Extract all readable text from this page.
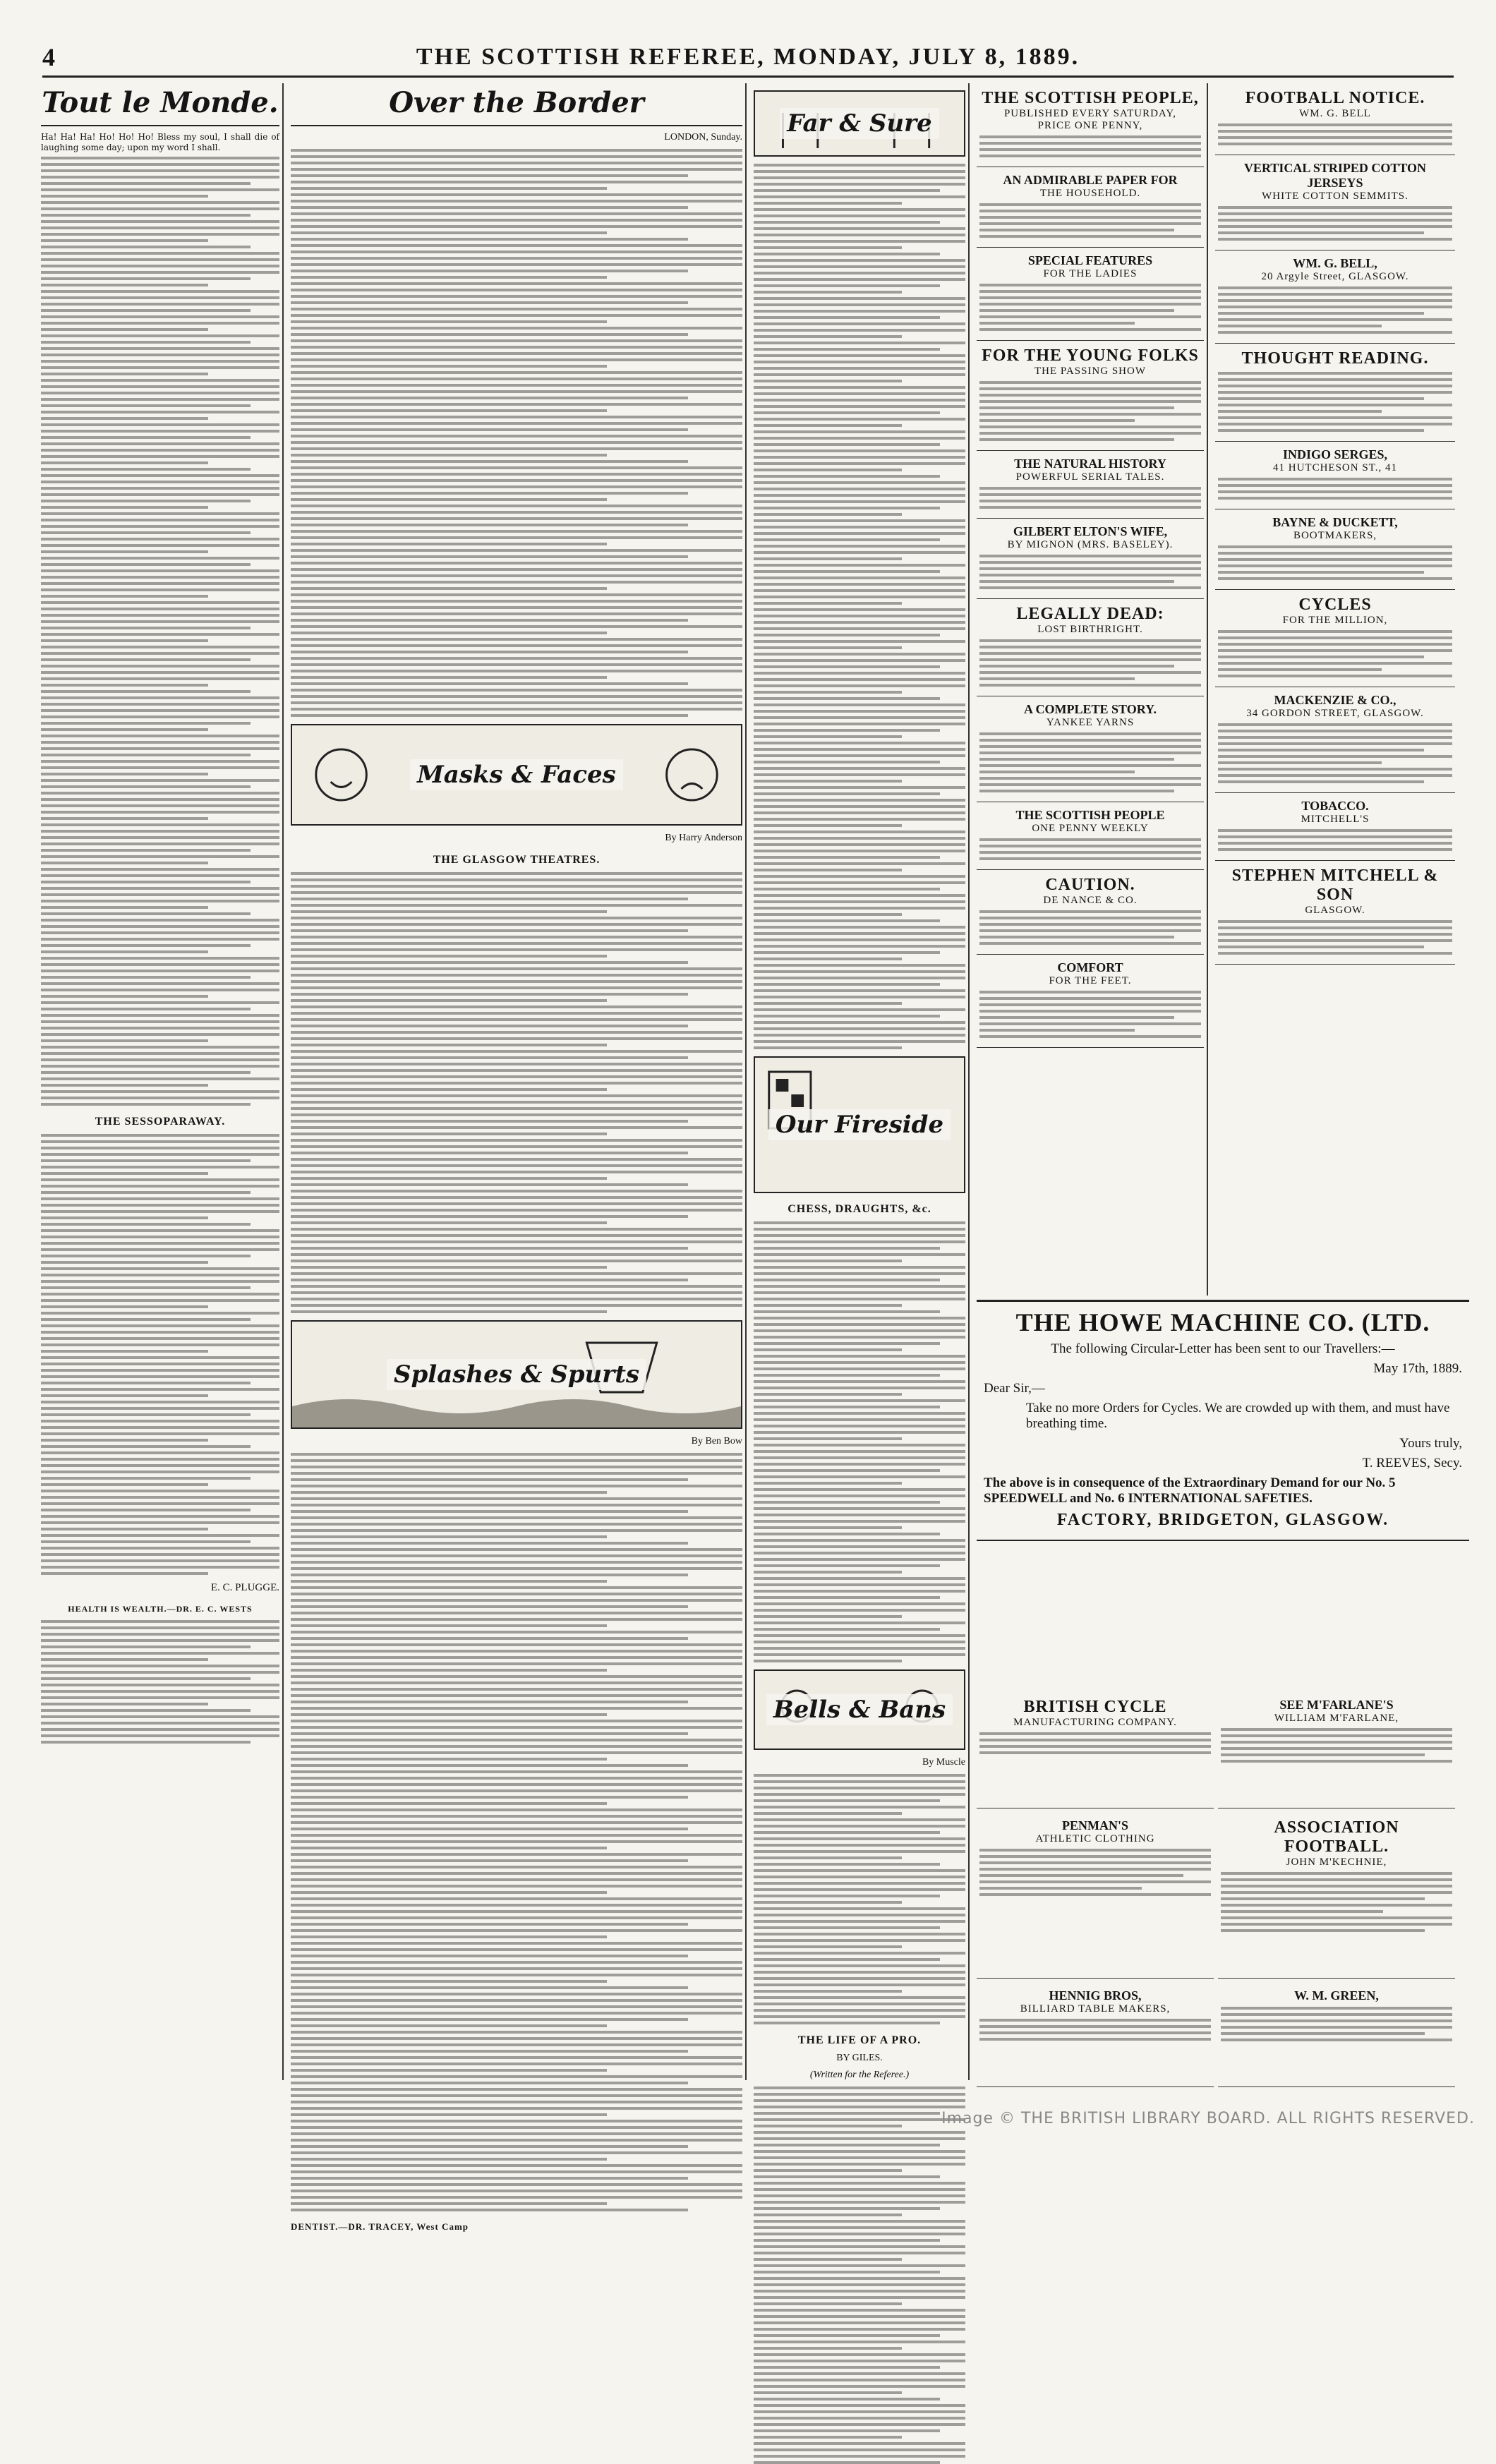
4	THE SCOTTISH REFEREE, MONDAY, JULY 8, 1889.
Tout le Monde.
Ha! Ha! Ha! Ho! Ho! Ho! Bless my soul, I shall die of laughing some day; upon my word I shall.
THE SESSOPARAWAY.
E. C. PLUGGE.
HEALTH IS WEALTH.—DR. E. C. WESTS
Over the Border
LONDON, Sunday.
Masks & Faces
By Harry Anderson
THE GLASGOW THEATRES.
Splashes & Spurts
By Ben Bow
DENTIST.—DR. TRACEY, West Camp
Far & Sure
Our Fireside
CHESS, DRAUGHTS, &c.
Bells & Bans
By Muscle
THE LIFE OF A PRO.
BY GILES.
(Written for the Referee.)
THE SCOTTISH PEOPLE,
PUBLISHED EVERY SATURDAY,
PRICE ONE PENNY,
AN ADMIRABLE PAPER FOR
THE HOUSEHOLD.
SPECIAL FEATURES
FOR THE LADIES
FOR THE YOUNG FOLKS
THE PASSING SHOW
THE NATURAL HISTORY
POWERFUL SERIAL TALES.
GILBERT ELTON'S WIFE,
BY MIGNON (MRS. BASELEY).
LEGALLY DEAD:
LOST BIRTHRIGHT.
A COMPLETE STORY.
YANKEE YARNS
THE SCOTTISH PEOPLE
ONE PENNY WEEKLY
CAUTION.
DE NANCE & CO.
COMFORT
FOR THE FEET.
FOOTBALL NOTICE.
WM. G. BELL
VERTICAL STRIPED COTTON JERSEYS
WHITE COTTON SEMMITS.
WM. G. BELL,
20 Argyle Street, GLASGOW.
THOUGHT READING.
INDIGO SERGES,
41 HUTCHESON ST., 41
BAYNE & DUCKETT,
BOOTMAKERS,
CYCLES
FOR THE MILLION,
MACKENZIE & CO.,
34 GORDON STREET, GLASGOW.
TOBACCO.
MITCHELL'S
STEPHEN MITCHELL & SON
GLASGOW.
THE HOWE MACHINE CO. (LTD.
The following Circular-Letter has been sent to our Travellers:—
May 17th, 1889.
Dear Sir,—
Take no more Orders for Cycles. We are crowded up with them, and must have breathing time.
Yours truly,
T. REEVES, Secy.
The above is in consequence of the Extraordinary Demand for our No. 5 SPEEDWELL and No. 6 INTERNATIONAL SAFETIES.
FACTORY, BRIDGETON, GLASGOW.
BRITISH CYCLE
MANUFACTURING COMPANY.
SEE M'FARLANE'S
WILLIAM M'FARLANE,
PENMAN'S
ATHLETIC CLOTHING
ASSOCIATION FOOTBALL.
JOHN M'KECHNIE,
HENNIG BROS,
BILLIARD TABLE MAKERS,
W. M. GREEN,
Image © THE BRITISH LIBRARY BOARD. ALL RIGHTS RESERVED.
